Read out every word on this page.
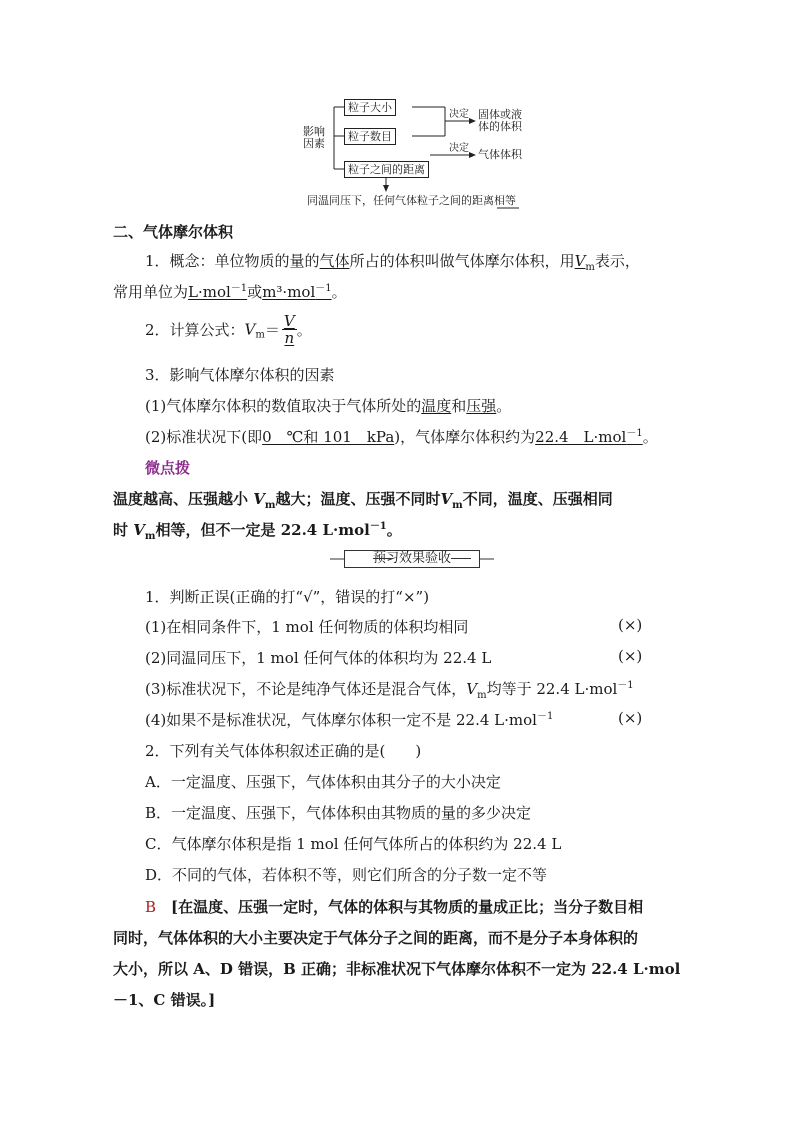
影响因素
粒子大小
粒子数目
粒子之间的距离
决定
决定
固体或液体的体积
气体体积
同温同压下，任何气体粒子之间的距离相等
二、气体摩尔体积
1．概念：单位物质的量的气体所占的体积叫做气体摩尔体积，用$V_m$表示，
常用单位为L·mol$^{-1}$或m³·mol$^{-1}$。
2．计算公式：$V_m= \frac{V}{n}$ 。
3．影响气体摩尔体积的因素
(1)气体摩尔体积的数值取决于气体所处的温度和压强。
(2)标准状况下(即0　℃和 101　kPa)，气体摩尔体积约为22.4　L·mol$^{-1}$。
微点拨
温度越高、压强越小 $V_m$越大；温度、压强不同时$V_m$不同，温度、压强相同
时 $V_m$相等，但不一定是 22.4 L·mol$^{-1}$。
预习效果验收
1．判断正误(正确的打“√”，错误的打“×”)
(1)在相同条件下，1 mol 任何物质的体积均相同	(×)
(2)同温同压下，1 mol 任何气体的体积均为 22.4 L	(×)
(3)标准状况下，不论是纯净气体还是混合气体，$V_m$均等于 22.4 L·mol$^{-1}$
(4)如果不是标准状况，气体摩尔体积一定不是 22.4 L·mol$^{-1}$	(×)
2．下列有关气体体积叙述正确的是(　　)
A．一定温度、压强下，气体体积由其分子的大小决定
B．一定温度、压强下，气体体积由其物质的量的多少决定
C．气体摩尔体积是指 1 mol 任何气体所占的体积约为 22.4 L
D．不同的气体，若体积不等，则它们所含的分子数一定不等
B　 [在温度、压强一定时，气体的体积与其物质的量成正比；当分子数目相
同时，气体体积的大小主要决定于气体分子之间的距离，而不是分子本身体积的
大小，所以 A、D 错误，B 正确；非标准状况下气体摩尔体积不一定为 22.4 L·mol
－1、C 错误。]
